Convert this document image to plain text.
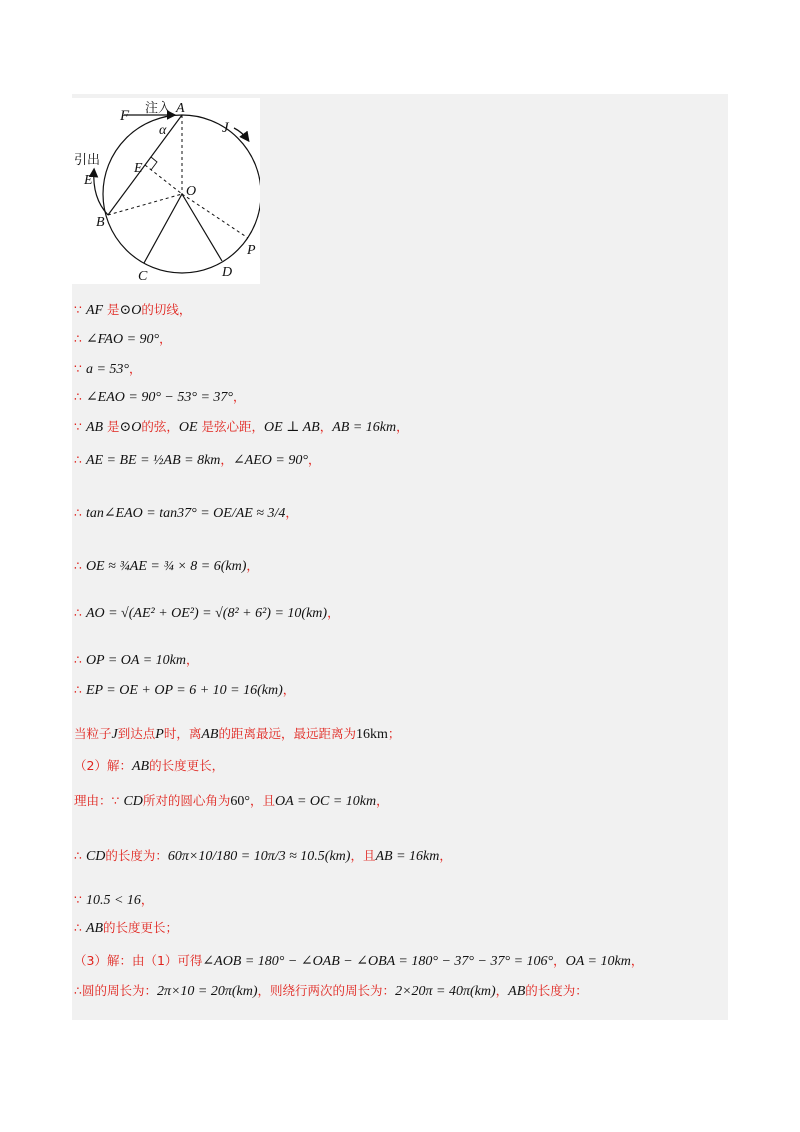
F 注入 A
J
α
引出
E
E
O
B
P
C	D
∵ AF 是⊙O的切线，
∴ ∠FAO = 90°，
∵ a = 53°，
∴ ∠EAO = 90° − 53° = 37°，
∵ AB 是⊙O的弦，OE 是弦心距，OE ⊥ AB，AB = 16km，
∴ AE = BE = ½AB = 8km，∠AEO = 90°，
∴ tan∠EAO = tan37° = OE/AE ≈ 3/4，
∴ OE ≈ ¾AE = ¾ × 8 = 6(km)，
∴ AO = √(AE² + OE²) = √(8² + 6²) = 10(km)，
∴ OP = OA = 10km，
∴ EP = OE + OP = 6 + 10 = 16(km)，
当粒子J到达点P时，离AB的距离最远，最远距离为16km；
（2）解：AB的长度更长，
理由：∵ CD所对的圆心角为60°，且OA = OC = 10km，
∴ CD的长度为：60π×10/180 = 10π/3 ≈ 10.5(km)，且AB = 16km，
∵ 10.5 < 16，
∴ AB的长度更长；
（3）解：由（1）可得∠AOB = 180° − ∠OAB − ∠OBA = 180° − 37° − 37° = 106°，OA = 10km，
∴圆的周长为：2π×10 = 20π(km)，则绕行两次的周长为：2×20π = 40π(km)，AB的长度为：
